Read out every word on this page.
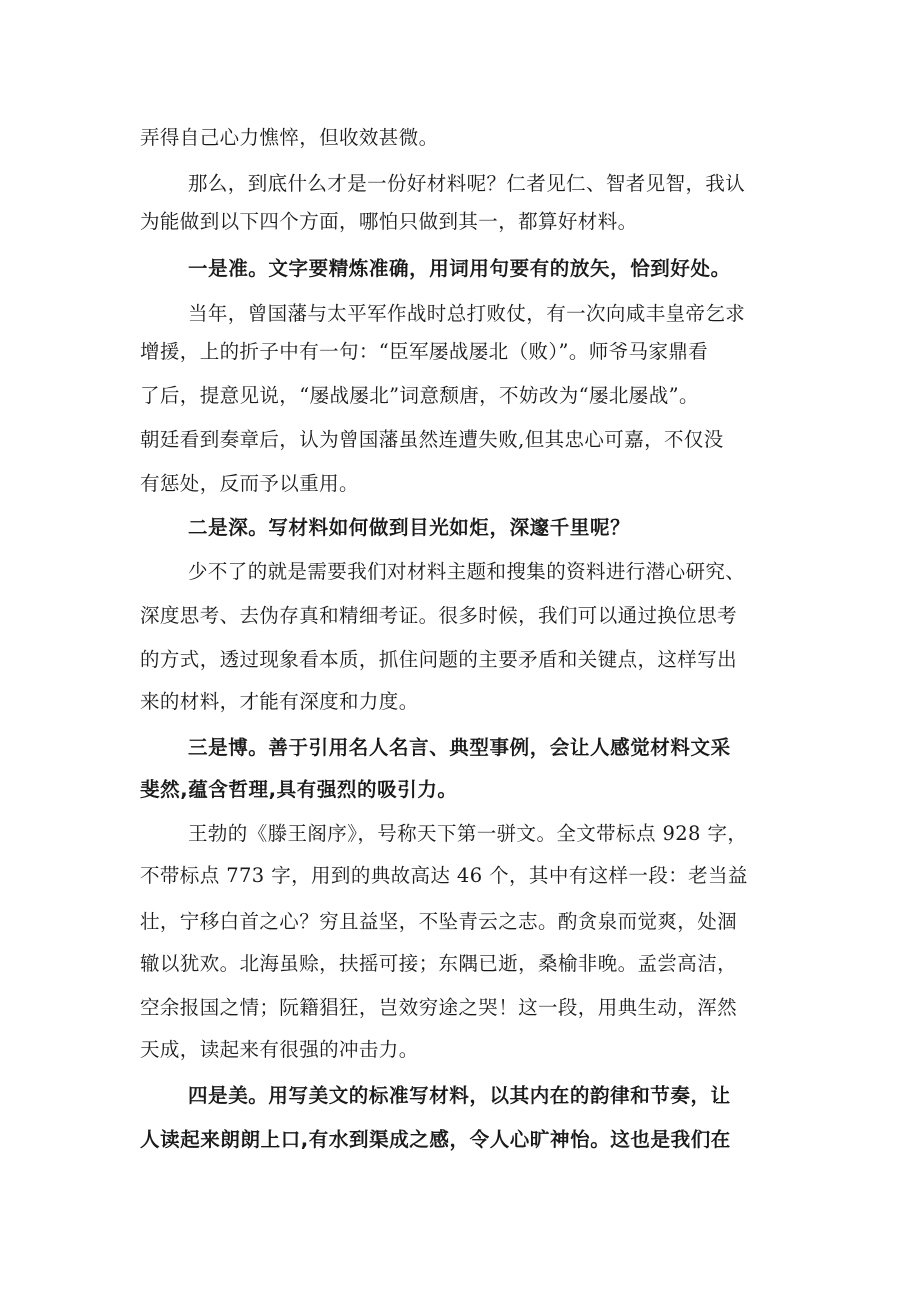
弄得自己心力憔悴，但收效甚微。
那么，到底什么才是一份好材料呢？仁者见仁、智者见智，我认
为能做到以下四个方面，哪怕只做到其一，都算好材料。
一是准。文字要精炼准确，用词用句要有的放矢，恰到好处。
当年，曾国藩与太平军作战时总打败仗，有一次向咸丰皇帝乞求
增援，上的折子中有一句：“臣军屡战屡北（败）”。师爷马家鼎看
了后，提意见说，“屡战屡北”词意颓唐，不妨改为“屡北屡战”。
朝廷看到奏章后，认为曾国藩虽然连遭失败,但其忠心可嘉，不仅没
有惩处，反而予以重用。
二是深。写材料如何做到目光如炬，深邃千里呢？
少不了的就是需要我们对材料主题和搜集的资料进行潜心研究、
深度思考、去伪存真和精细考证。很多时候，我们可以通过换位思考
的方式，透过现象看本质，抓住问题的主要矛盾和关键点，这样写出
来的材料，才能有深度和力度。
三是博。善于引用名人名言、典型事例，会让人感觉材料文采
斐然,蕴含哲理,具有强烈的吸引力。
王勃的《滕王阁序》，号称天下第一骈文。全文带标点 928 字，
不带标点 773 字，用到的典故高达 46 个，其中有这样一段：老当益
壮，宁移白首之心？穷且益坚，不坠青云之志。酌贪泉而觉爽，处涸
辙以犹欢。北海虽赊，扶摇可接；东隅已逝，桑榆非晚。孟尝高洁，
空余报国之情；阮籍猖狂，岂效穷途之哭！这一段，用典生动，浑然
天成，读起来有很强的冲击力。
四是美。用写美文的标准写材料，以其内在的韵律和节奏，让
人读起来朗朗上口,有水到渠成之感，令人心旷神怡。这也是我们在
